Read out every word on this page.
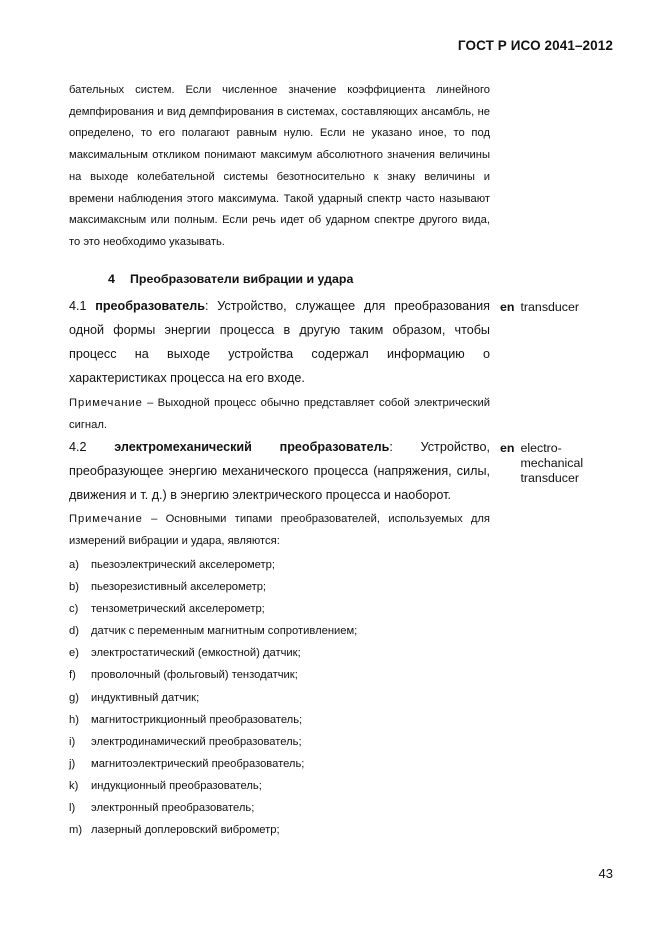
ГОСТ Р ИСО 2041–2012

бательных систем. Если численное значение коэффициента линейного демпфирования и вид демпфирования в системах, составляющих ансамбль, не определено, то его полагают равным нулю. Если не указано иное, то под максимальным откликом понимают максимум абсолютного значения величины на выходе колебательной системы безотносительно к знаку величины и времени наблюдения этого максимума. Такой ударный спектр часто называют максимаксным или полным. Если речь идет об ударном спектре другого вида, то это необходимо указывать.

4 Преобразователи вибрации и удара

4.1 преобразователь: Устройство, служащее для преобразования одной формы энергии процесса в другую таким образом, чтобы процесс на выходе устройства содержал информацию о характеристиках процесса на его входе.

en transducer

Примечание – Выходной процесс обычно представляет собой электрический сигнал.

4.2 электромеханический преобразователь: Устройство, преобразующее энергию механического процесса (напряжения, силы, движения и т. д.) в энергию электрического процесса и наоборот.

en electro-
mechanical
transducer

Примечание – Основными типами преобразователей, используемых для измерений вибрации и удара, являются:

a) пьезоэлектрический акселерометр;
b) пьезорезистивный акселерометр;
c) тензометрический акселерометр;
d) датчик с переменным магнитным сопротивлением;
e) электростатический (емкостной) датчик;
f) проволочный (фольговый) тензодатчик;
g) индуктивный датчик;
h) магнитострикционный преобразователь;
i) электродинамический преобразователь;
j) магнитоэлектрический преобразователь;
k) индукционный преобразователь;
l) электронный преобразователь;
m) лазерный доплеровский виброметр;
43
